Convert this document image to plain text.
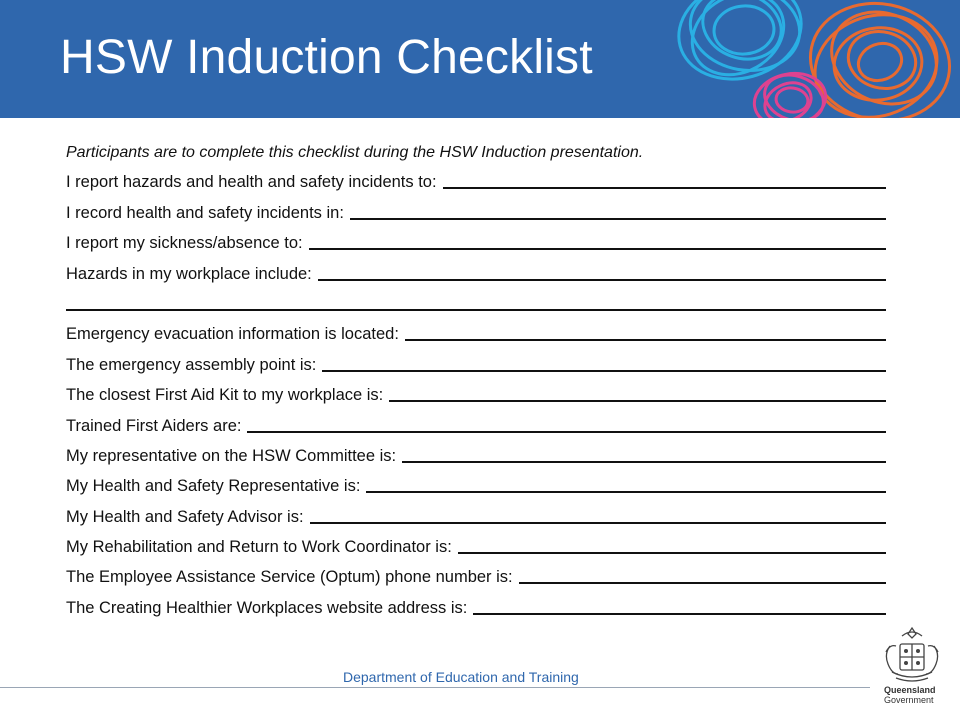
HSW Induction Checklist
Participants are to complete this checklist during the HSW Induction presentation.
I report hazards and health and safety incidents to:
I record health and safety incidents in:
I report my sickness/absence to:
Hazards in my workplace include:
Emergency evacuation information is located:
The emergency assembly point is:
The closest First Aid Kit to my workplace is:
Trained First Aiders are:
My representative on the HSW Committee is:
My Health and Safety Representative is:
My Health and Safety Advisor is:
My Rehabilitation and Return to Work Coordinator is:
The Employee Assistance Service (Optum) phone number is:
The Creating Healthier Workplaces website address is:
Department of Education and Training
Queensland
Government
